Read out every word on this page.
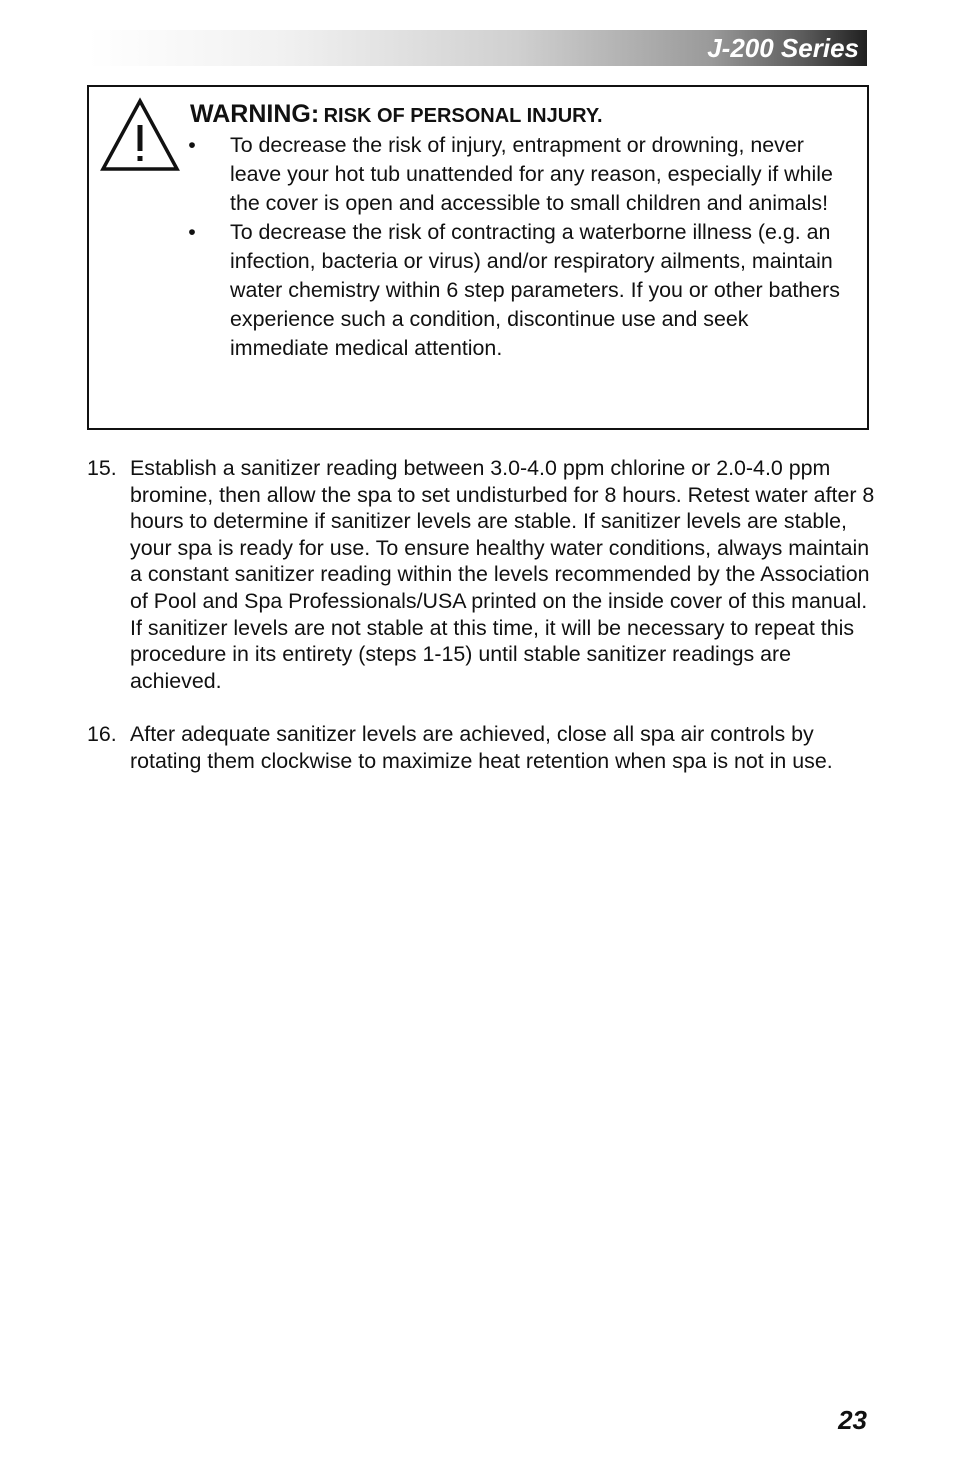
J-200 Series
WARNING: RISK OF PERSONAL INJURY.
• To decrease the risk of injury, entrapment or drowning, never leave your hot tub unattended for any reason, especially if while the cover is open and accessible to small children and animals!
• To decrease the risk of contracting a waterborne illness (e.g. an infection, bacteria or virus) and/or respiratory ailments, maintain water chemistry within 6 step parameters. If you or other bathers experience such a condition, discontinue use and seek immediate medical attention.
15. Establish a sanitizer reading between 3.0-4.0 ppm chlorine or 2.0-4.0 ppm bromine, then allow the spa to set undisturbed for 8 hours. Retest water after 8 hours to determine if sanitizer levels are stable. If sanitizer levels are stable, your spa is ready for use. To ensure healthy water conditions, always maintain a constant sanitizer reading within the levels recommended by the Association of Pool and Spa Professionals/USA printed on the inside cover of this manual. If sanitizer levels are not stable at this time, it will be necessary to repeat this procedure in its entirety (steps 1-15) until stable sanitizer readings are achieved.
16. After adequate sanitizer levels are achieved, close all spa air controls by rotating them clockwise to maximize heat retention when spa is not in use.
23
